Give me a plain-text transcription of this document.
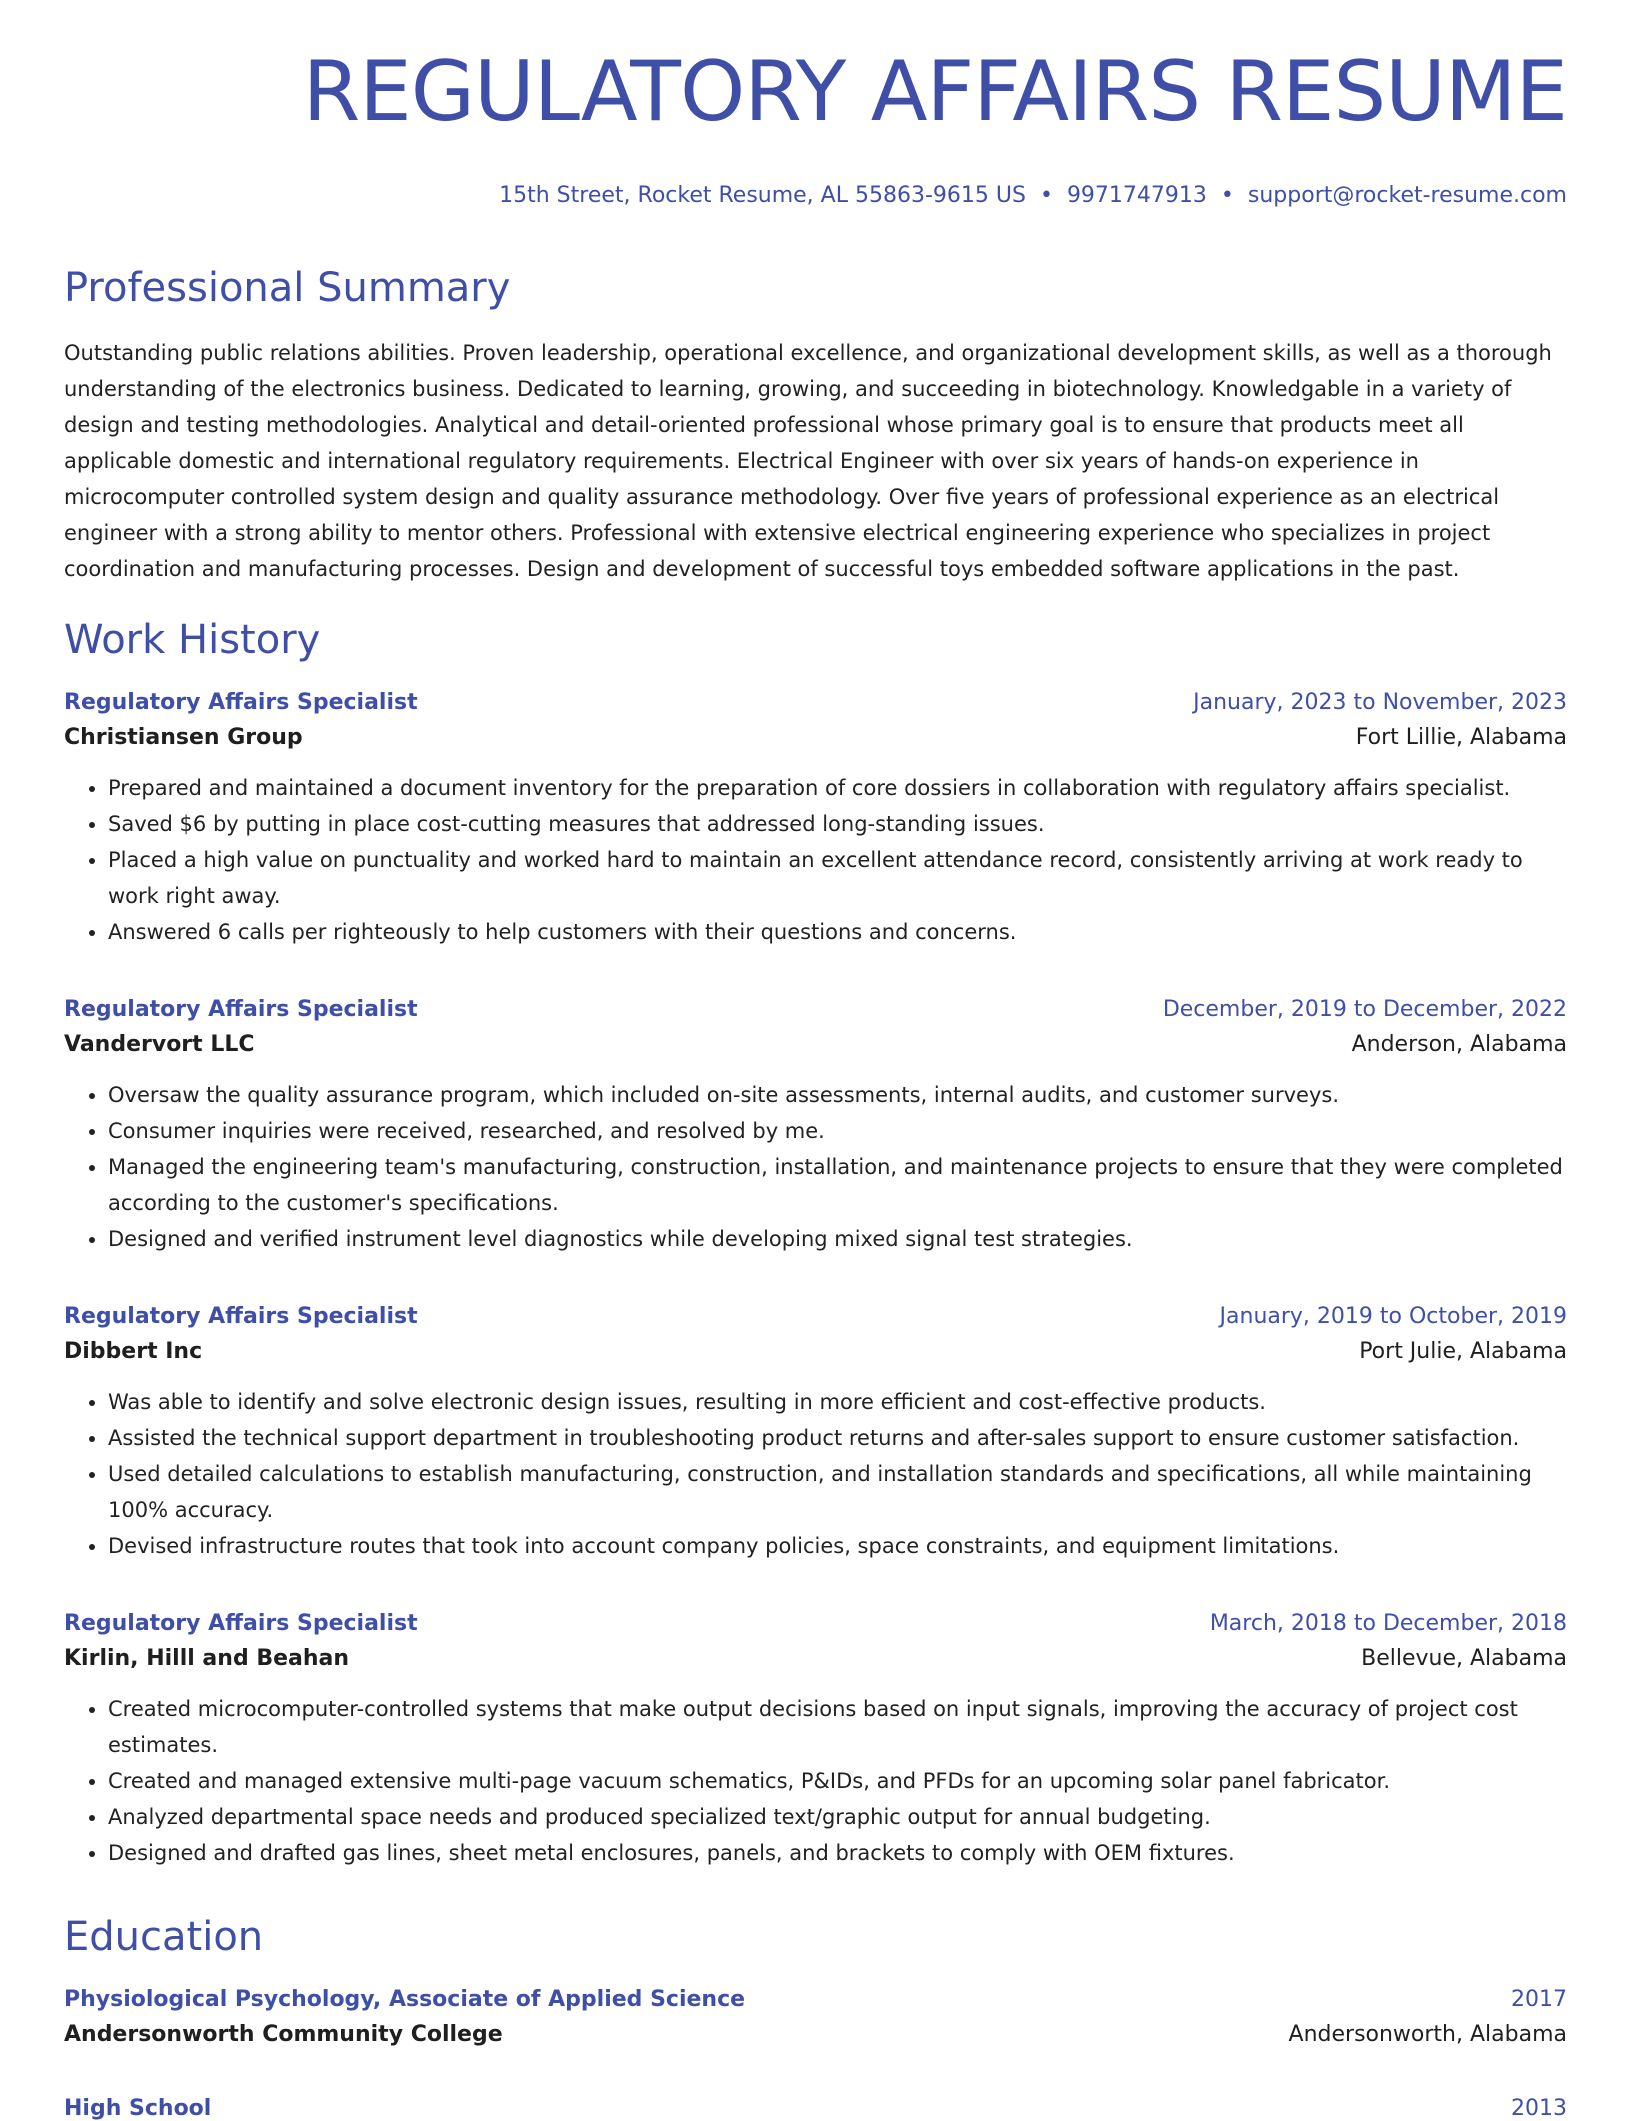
REGULATORY AFFAIRS RESUME
15th Street, Rocket Resume, AL 55863-9615 US • 9971747913 • support@rocket-resume.com
Professional Summary
Outstanding public relations abilities. Proven leadership, operational excellence, and organizational development skills, as well as a thorough understanding of the electronics business. Dedicated to learning, growing, and succeeding in biotechnology. Knowledgable in a variety of design and testing methodologies. Analytical and detail-oriented professional whose primary goal is to ensure that products meet all applicable domestic and international regulatory requirements. Electrical Engineer with over six years of hands-on experience in microcomputer controlled system design and quality assurance methodology. Over five years of professional experience as an electrical engineer with a strong ability to mentor others. Professional with extensive electrical engineering experience who specializes in project coordination and manufacturing processes. Design and development of successful toys embedded software applications in the past.
Work History
Regulatory Affairs Specialist	January, 2023 to November, 2023
Christiansen Group	Fort Lillie, Alabama
• Prepared and maintained a document inventory for the preparation of core dossiers in collaboration with regulatory affairs specialist.
• Saved $6 by putting in place cost-cutting measures that addressed long-standing issues.
• Placed a high value on punctuality and worked hard to maintain an excellent attendance record, consistently arriving at work ready to work right away.
• Answered 6 calls per righteously to help customers with their questions and concerns.
Regulatory Affairs Specialist	December, 2019 to December, 2022
Vandervort LLC	Anderson, Alabama
• Oversaw the quality assurance program, which included on-site assessments, internal audits, and customer surveys.
• Consumer inquiries were received, researched, and resolved by me.
• Managed the engineering team's manufacturing, construction, installation, and maintenance projects to ensure that they were completed according to the customer's specifications.
• Designed and verified instrument level diagnostics while developing mixed signal test strategies.
Regulatory Affairs Specialist	January, 2019 to October, 2019
Dibbert Inc	Port Julie, Alabama
• Was able to identify and solve electronic design issues, resulting in more efficient and cost-effective products.
• Assisted the technical support department in troubleshooting product returns and after-sales support to ensure customer satisfaction.
• Used detailed calculations to establish manufacturing, construction, and installation standards and specifications, all while maintaining 100% accuracy.
• Devised infrastructure routes that took into account company policies, space constraints, and equipment limitations.
Regulatory Affairs Specialist	March, 2018 to December, 2018
Kirlin, Hilll and Beahan	Bellevue, Alabama
• Created microcomputer-controlled systems that make output decisions based on input signals, improving the accuracy of project cost estimates.
• Created and managed extensive multi-page vacuum schematics, P&IDs, and PFDs for an upcoming solar panel fabricator.
• Analyzed departmental space needs and produced specialized text/graphic output for annual budgeting.
• Designed and drafted gas lines, sheet metal enclosures, panels, and brackets to comply with OEM fixtures.
Education
Physiological Psychology, Associate of Applied Science	2017
Andersonworth Community College	Andersonworth, Alabama
High School	2013
